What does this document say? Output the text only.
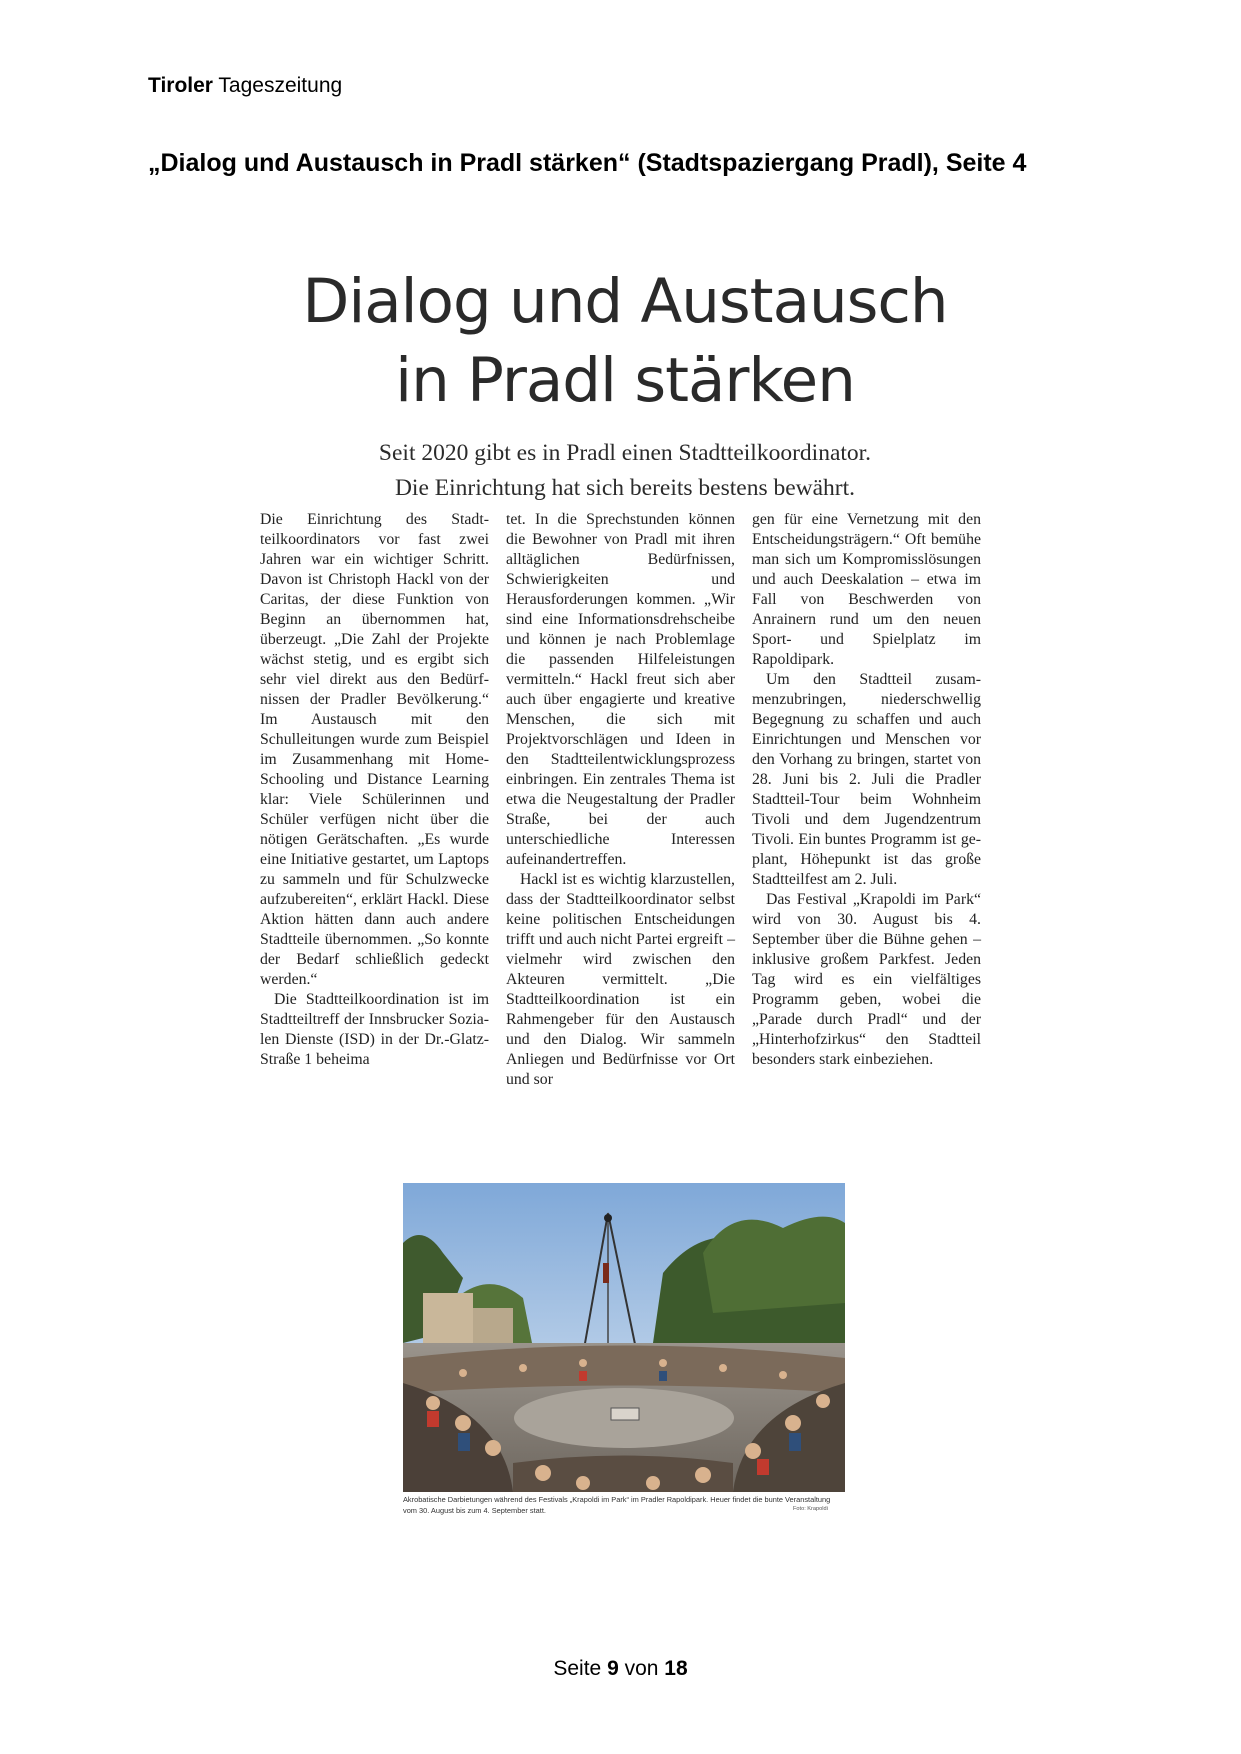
Tiroler Tageszeitung
„Dialog und Austausch in Pradl stärken“ (Stadtspaziergang Pradl), Seite 4
Dialog und Austausch
in Pradl stärken

Seit 2020 gibt es in Pradl einen Stadtteilkoordinator.
Die Einrichtung hat sich bereits bestens bewährt.

Die Einrichtung des Stadtteilkoordinators vor fast zwei Jahren war ein wichtiger Schritt. Davon ist Christoph Hackl von der Caritas, der diese Funktion von Beginn an übernommen hat, überzeugt. „Die Zahl der Projekte wächst stetig, und es ergibt sich sehr viel direkt aus den Bedürfnissen der Pradler Bevölkerung.“ Im Austausch mit den Schulleitungen wurde zum Beispiel im Zusammenhang mit Home-Schooling und Distance Learning klar: Viele Schülerinnen und Schüler verfügen nicht über die nötigen Gerätschaften. „Es wurde eine Initiative gestartet, um Laptops zu sammeln und für Schulzwecke aufzubereiten“, erklärt Hackl. Diese Aktion hätten dann auch andere Stadtteile übernommen. „So konnte der Bedarf schließlich gedeckt werden.“

Die Stadtteilkoordination ist im Stadtteiltreff der Innsbrucker Sozialen Dienste (ISD) in der Dr.-Glatz-Straße 1 beheima

tet. In die Sprechstunden können die Bewohner von Pradl mit ihren alltäglichen Bedürfnissen, Schwierigkeiten und Herausforderungen kommen. „Wir sind eine Informationsdrehscheibe und können je nach Problemlage die passenden Hilfeleistungen vermitteln.“ Hackl freut sich aber auch über engagierte und kreative Menschen, die sich mit Projektvorschlägen und Ideen in den Stadtteilentwicklungsprozess einbringen. Ein zentrales Thema ist etwa die Neugestaltung der Pradler Straße, bei der auch unterschiedliche Interessen aufeinandertreffen.

Hackl ist es wichtig klarzustellen, dass der Stadtteilkoordinator selbst keine politischen Entscheidungen trifft und auch nicht Partei ergreift – vielmehr wird zwischen den Akteuren vermittelt. „Die Stadtteilkoordination ist ein Rahmengeber für den Austausch und den Dialog. Wir sammeln Anliegen und Bedürfnisse vor Ort und sor

gen für eine Vernetzung mit den Entscheidungsträgern.“ Oft bemühe man sich um Kompromisslösungen und auch Deeskalation – etwa im Fall von Beschwerden von Anrainern rund um den neuen Sport- und Spielplatz im Rapoldipark.

Um den Stadtteil zusammenzubringen, niederschwellig Begegnung zu schaffen und auch Einrichtungen und Menschen vor den Vorhang zu bringen, startet von 28. Juni bis 2. Juli die Pradler Stadtteil-Tour beim Wohnheim Tivoli und dem Jugendzentrum Tivoli. Ein buntes Programm ist geplant, Höhepunkt ist das große Stadtteilfest am 2. Juli.

Das Festival „Krapoldi im Park“ wird von 30. August bis 4. September über die Bühne gehen – inklusive großem Parkfest. Jeden Tag wird es ein vielfältiges Programm geben, wobei die „Parade durch Pradl“ und der „Hinterhofzirkus“ den Stadtteil besonders stark einbeziehen.

Akrobatische Darbietungen während des Festivals „Krapoldi im Park“ im Pradler Rapoldipark. Heuer findet die bunte Veranstaltung vom 30. August bis zum 4. September statt.	Foto: Krapoldi
Seite 9 von 18
